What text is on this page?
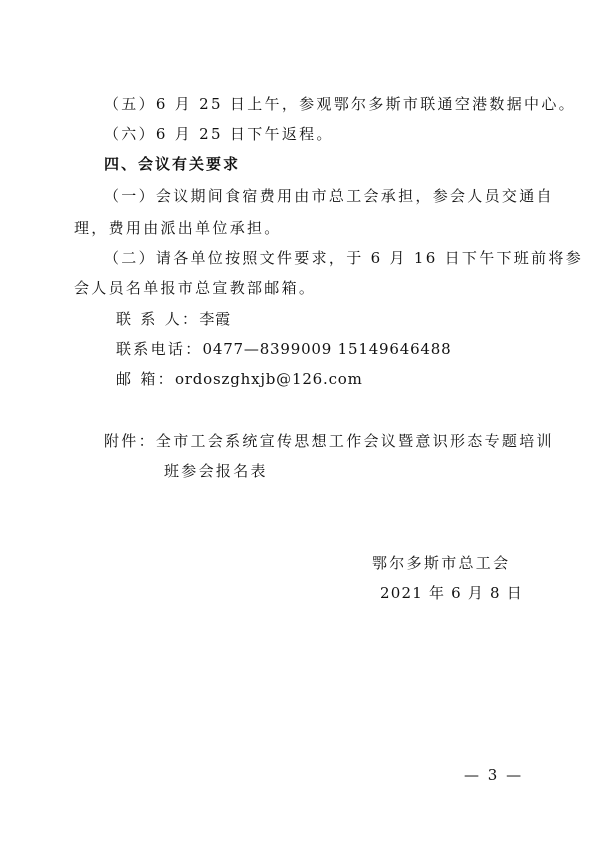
（五）6 月 25 日上午，参观鄂尔多斯市联通空港数据中心。
（六）6 月 25 日下午返程。
四、会议有关要求
（一）会议期间食宿费用由市总工会承担，参会人员交通自
理，费用由派出单位承担。
（二）请各单位按照文件要求，于 6 月 16 日下午下班前将参
会人员名单报市总宣教部邮箱。
联 系 人：李霞
联系电话：0477—8399009 15149646488
邮 箱：ordoszghxjb@126.com
附件：全市工会系统宣传思想工作会议暨意识形态专题培训
班参会报名表
鄂尔多斯市总工会
2021 年 6 月 8 日
— 3 —
